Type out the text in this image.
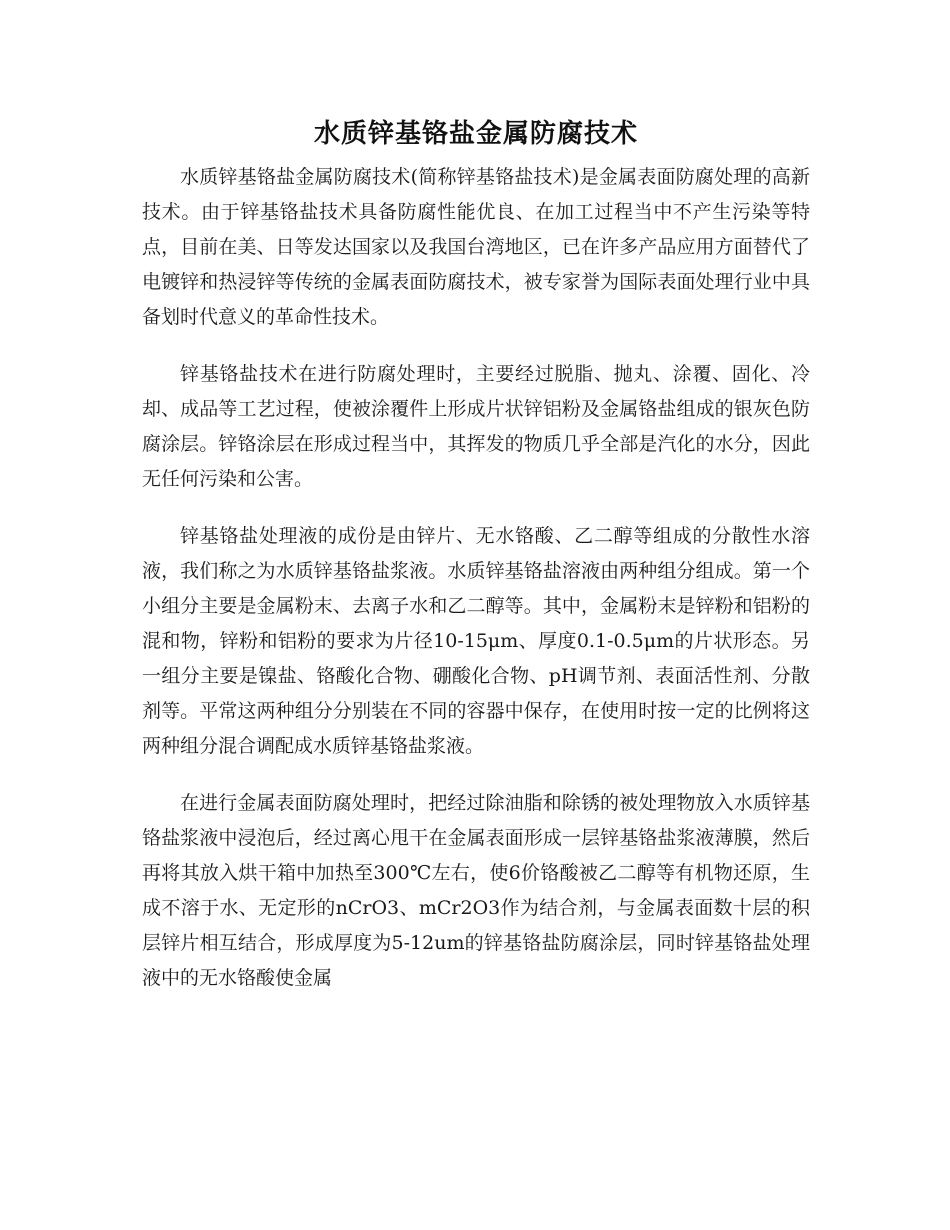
水质锌基铬盐金属防腐技术

水质锌基铬盐金属防腐技术(简称锌基铬盐技术)是金属表面防腐处理的高新技术。由于锌基铬盐技术具备防腐性能优良、在加工过程当中不产生污染等特点，目前在美、日等发达国家以及我国台湾地区，已在许多产品应用方面替代了电镀锌和热浸锌等传统的金属表面防腐技术，被专家誉为国际表面处理行业中具备划时代意义的革命性技术。

锌基铬盐技术在进行防腐处理时，主要经过脱脂、抛丸、涂覆、固化、冷却、成品等工艺过程，使被涂覆件上形成片状锌铝粉及金属铬盐组成的银灰色防腐涂层。锌铬涂层在形成过程当中，其挥发的物质几乎全部是汽化的水分，因此无任何污染和公害。

锌基铬盐处理液的成份是由锌片、无水铬酸、乙二醇等组成的分散性水溶液，我们称之为水质锌基铬盐浆液。水质锌基铬盐溶液由两种组分组成。第一个小组分主要是金属粉末、去离子水和乙二醇等。其中，金属粉末是锌粉和铝粉的混和物，锌粉和铝粉的要求为片径10-15μm、厚度0.1-0.5μm的片状形态。另一组分主要是镍盐、铬酸化合物、硼酸化合物、pH调节剂、表面活性剂、分散剂等。平常这两种组分分别装在不同的容器中保存，在使用时按一定的比例将这两种组分混合调配成水质锌基铬盐浆液。

在进行金属表面防腐处理时，把经过除油脂和除锈的被处理物放入水质锌基铬盐浆液中浸泡后，经过离心甩干在金属表面形成一层锌基铬盐浆液薄膜，然后再将其放入烘干箱中加热至300℃左右，使6价铬酸被乙二醇等有机物还原，生成不溶于水、无定形的nCrO3、mCr2O3作为结合剂，与金属表面数十层的积层锌片相互结合，形成厚度为5-12um的锌基铬盐防腐涂层，同时锌基铬盐处理液中的无水铬酸使金属
